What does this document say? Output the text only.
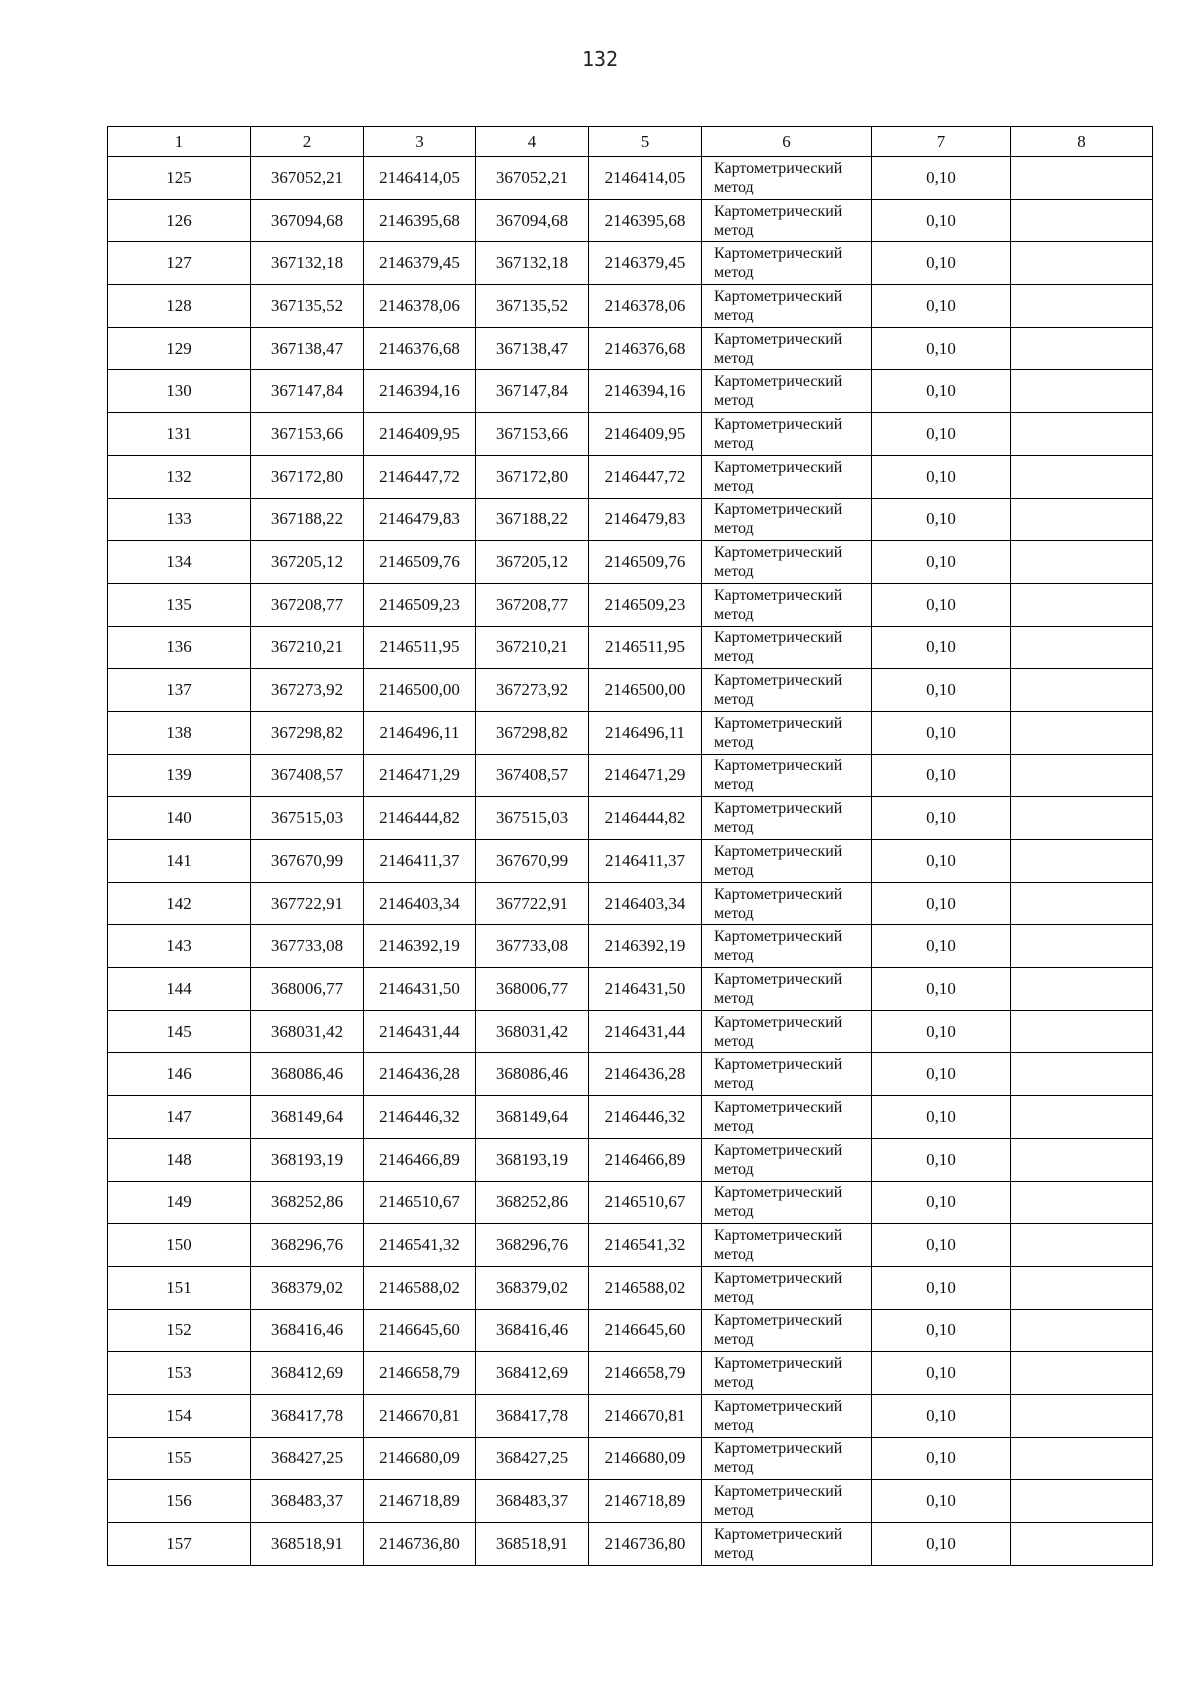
132
1	2	3	4	5	6	7	8
125	367052,21	2146414,05	367052,21	2146414,05	Картометрический метод	0,10	
126	367094,68	2146395,68	367094,68	2146395,68	Картометрический метод	0,10	
127	367132,18	2146379,45	367132,18	2146379,45	Картометрический метод	0,10	
128	367135,52	2146378,06	367135,52	2146378,06	Картометрический метод	0,10	
129	367138,47	2146376,68	367138,47	2146376,68	Картометрический метод	0,10	
130	367147,84	2146394,16	367147,84	2146394,16	Картометрический метод	0,10	
131	367153,66	2146409,95	367153,66	2146409,95	Картометрический метод	0,10	
132	367172,80	2146447,72	367172,80	2146447,72	Картометрический метод	0,10	
133	367188,22	2146479,83	367188,22	2146479,83	Картометрический метод	0,10	
134	367205,12	2146509,76	367205,12	2146509,76	Картометрический метод	0,10	
135	367208,77	2146509,23	367208,77	2146509,23	Картометрический метод	0,10	
136	367210,21	2146511,95	367210,21	2146511,95	Картометрический метод	0,10	
137	367273,92	2146500,00	367273,92	2146500,00	Картометрический метод	0,10	
138	367298,82	2146496,11	367298,82	2146496,11	Картометрический метод	0,10	
139	367408,57	2146471,29	367408,57	2146471,29	Картометрический метод	0,10	
140	367515,03	2146444,82	367515,03	2146444,82	Картометрический метод	0,10	
141	367670,99	2146411,37	367670,99	2146411,37	Картометрический метод	0,10	
142	367722,91	2146403,34	367722,91	2146403,34	Картометрический метод	0,10	
143	367733,08	2146392,19	367733,08	2146392,19	Картометрический метод	0,10	
144	368006,77	2146431,50	368006,77	2146431,50	Картометрический метод	0,10	
145	368031,42	2146431,44	368031,42	2146431,44	Картометрический метод	0,10	
146	368086,46	2146436,28	368086,46	2146436,28	Картометрический метод	0,10	
147	368149,64	2146446,32	368149,64	2146446,32	Картометрический метод	0,10	
148	368193,19	2146466,89	368193,19	2146466,89	Картометрический метод	0,10	
149	368252,86	2146510,67	368252,86	2146510,67	Картометрический метод	0,10	
150	368296,76	2146541,32	368296,76	2146541,32	Картометрический метод	0,10	
151	368379,02	2146588,02	368379,02	2146588,02	Картометрический метод	0,10	
152	368416,46	2146645,60	368416,46	2146645,60	Картометрический метод	0,10	
153	368412,69	2146658,79	368412,69	2146658,79	Картометрический метод	0,10	
154	368417,78	2146670,81	368417,78	2146670,81	Картометрический метод	0,10	
155	368427,25	2146680,09	368427,25	2146680,09	Картометрический метод	0,10	
156	368483,37	2146718,89	368483,37	2146718,89	Картометрический метод	0,10	
157	368518,91	2146736,80	368518,91	2146736,80	Картометрический метод	0,10	
